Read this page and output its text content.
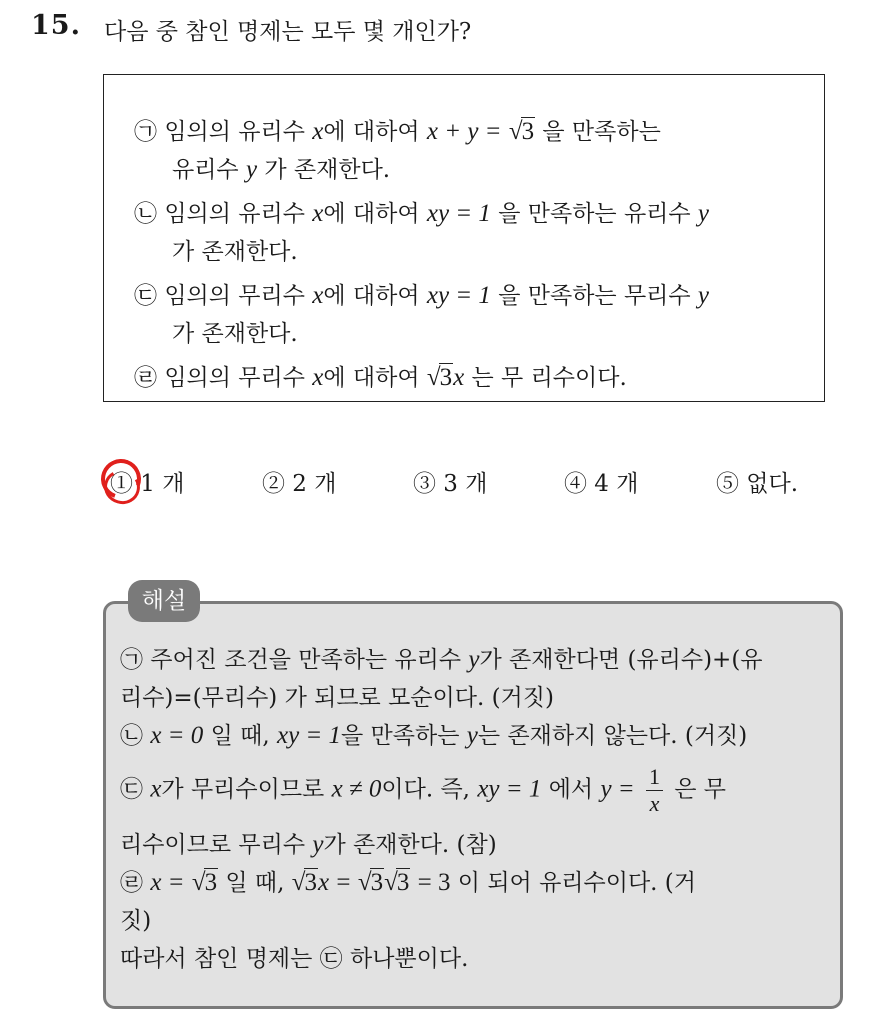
15. 다음 중 참인 명제는 모두 몇 개인가?
㉠ 임의의 유리수 x에 대하여 x + y = √3 을 만족하는
유리수 y 가 존재한다.
㉡ 임의의 유리수 x에 대하여 xy = 1 을 만족하는 유리수 y
가 존재한다.
㉢ 임의의 무리수 x에 대하여 xy = 1 을 만족하는 무리수 y
가 존재한다.
㉣ 임의의 무리수 x에 대하여 √3x 는 무 리수이다.
① 1 개	② 2 개	③ 3 개	④ 4 개	⑤ 없다.
해설
㉠ 주어진 조건을 만족하는 유리수 y가 존재한다면 (유리수)+(유
리수)=(무리수) 가 되므로 모순이다. (거짓)
㉡ x = 0 일 때, xy = 1을 만족하는 y는 존재하지 않는다. (거짓)
㉢ x가 무리수이므로 x ≠ 0이다. 즉, xy = 1 에서 $y = \frac{1}{x}$ 은 무
리수이므로 무리수 y가 존재한다. (참)
㉣ x = √3 일 때, √3x = √3√3 = 3 이 되어 유리수이다. (거
짓)
따라서 참인 명제는 ㉢ 하나뿐이다.
